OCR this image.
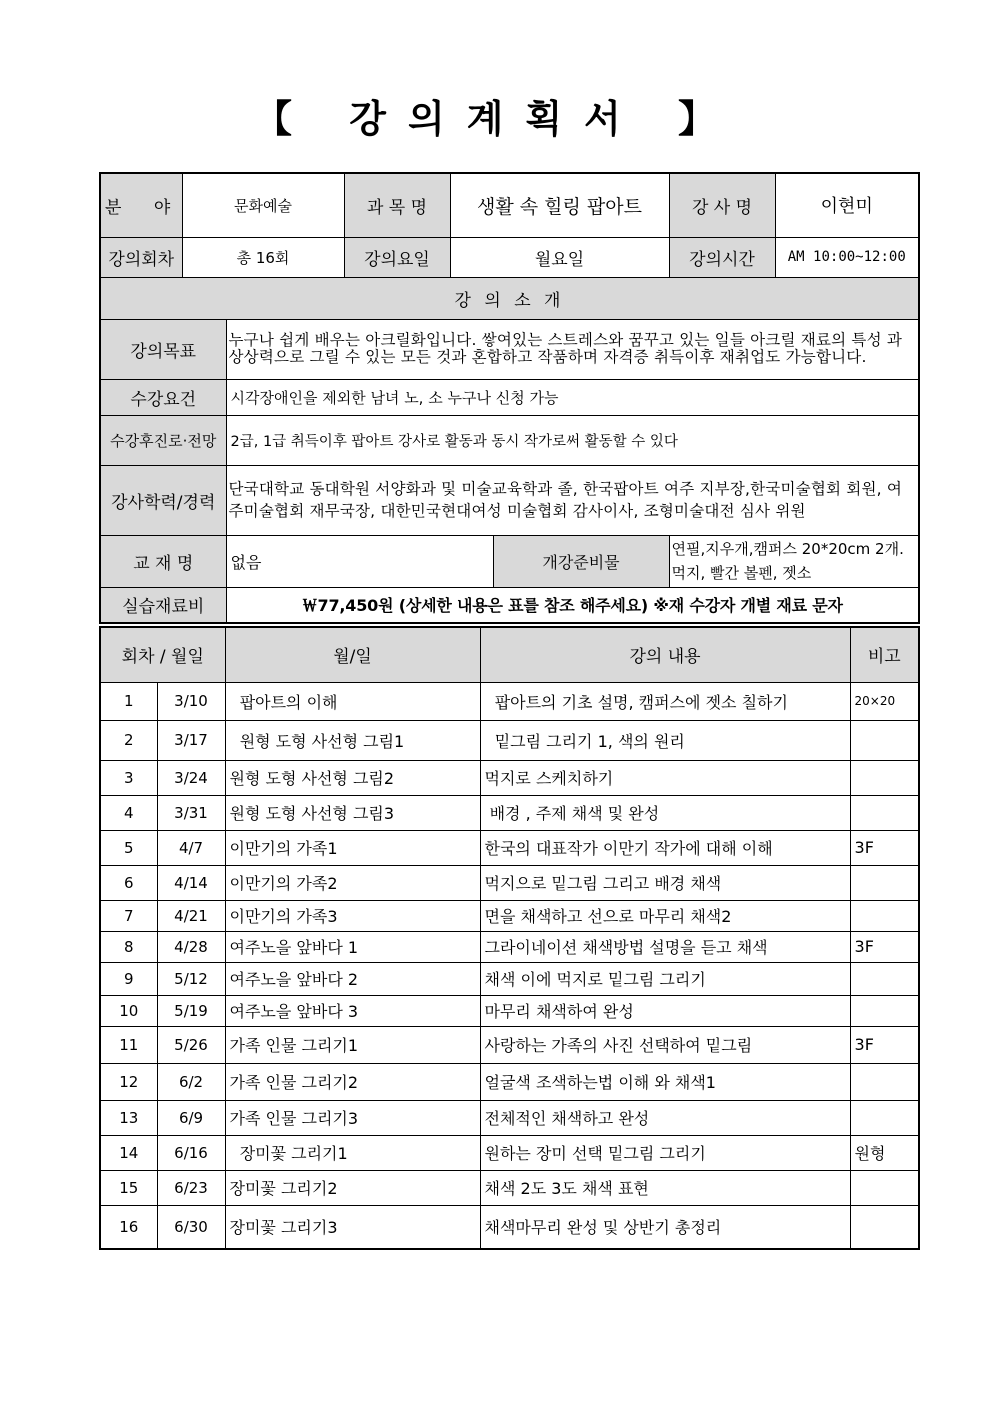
【 강의계획서 】
분      야	문화예술		과 목 명	생활 속 힐링 팝아트		강 사 명	이현미
강의회차	총 16회		강의요일	월요일		강의시간	AM 10:00~12:00
강 의 소 개							
강의목표		누구나 쉽게 배우는 아크릴화입니다. 쌓여있는 스트레스와 꿈꾸고 있는 일들 아크릴 재료의 특성 과 상상력으로 그릴 수 있는 모든 것과 혼합하고 작품하며 자격증 취득이후 재취업도 가능합니다.					
수강요건		시각장애인을 제외한 남녀 노, 소 누구나 신청 가능					
수강후진로·전망		2급, 1급 취득이후 팝아트 강사로 활동과 동시 작가로써 활동할 수 있다					
강사학력/경력		단국대학교 동대학원 서양화과 및 미술교육학과 졸, 한국팝아트 여주 지부장,한국미술협회 회원, 여주미술협회 재무국장, 대한민국현대여성 미술협회 감사이사, 조형미술대전 심사 위원					
교 재 명		없음			개강준비물	연필,지우개,캠퍼스 20*20cm 2개. 먹지, 빨간 볼펜, 젯소	
실습재료비		￦77,450원 (상세한 내용은 표를 참조 해주세요) ※재 수강자 개별 재료 문자					
회차 / 월일		월/일	강의 내용	비고
1	3/10	팝아트의 이해	팝아트의 기초 설명, 캠퍼스에 젯소 칠하기	20×20
2	3/17	원형 도형 사선형 그림1	밑그림 그리기 1, 색의 원리	
3	3/24	원형 도형 사선형 그림2	먹지로 스케치하기	
4	3/31	원형 도형 사선형 그림3	배경 , 주제 채색 및 완성	
5	4/7	이만기의 가족1	한국의 대표작가 이만기 작가에 대해 이해	3F
6	4/14	이만기의 가족2	먹지으로 밑그림 그리고 배경 채색	
7	4/21	이만기의 가족3	면을 채색하고 선으로 마무리 채색2	
8	4/28	여주노을 앞바다 1	그라이네이션 채색방법 설명을 듣고 채색	3F
9	5/12	여주노을 앞바다 2	채색 이에 먹지로 밑그림 그리기	
10	5/19	여주노을 앞바다 3	마무리 채색하여 완성	
11	5/26	가족 인물 그리기1	사랑하는 가족의 사진 선택하여 밑그림	3F
12	6/2	가족 인물 그리기2	얼굴색 조색하는법 이해 와 채색1	
13	6/9	가족 인물 그리기3	전체적인 채색하고 완성	
14	6/16	장미꽃 그리기1	원하는 장미 선택 밑그림 그리기	원형
15	6/23	장미꽃 그리기2	채색 2도 3도 채색 표현	
16	6/30	장미꽃 그리기3	채색마무리 완성 및 상반기 총정리	
